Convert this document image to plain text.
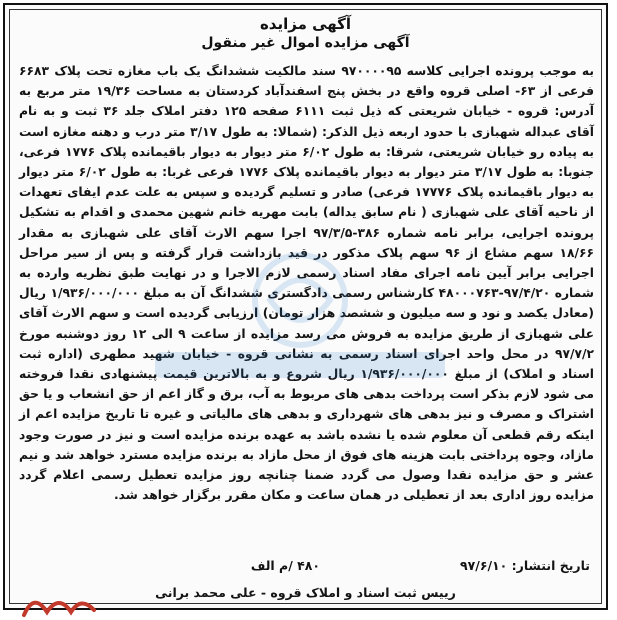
آگهی مزایده
آگهی مزایده اموال غیر منقول
به موجب پرونده اجرایی کلاسه ۹۷۰۰۰۰۹۵ سند مالکیت ششدانگ یک باب مغازه تحت پلاک ۶۶۸۳ فرعی از ۶۳- اصلی قروه واقع در بخش پنج اسفندآباد کردستان به مساحت ۱۹/۳۶ متر مربع به آدرس: قروه - خیابان شریعتی که ذیل ثبت ۶۱۱۱ صفحه ۱۲۵ دفتر املاک جلد ۳۶ ثبت و به نام آقای عبداله شهبازی با حدود اربعه ذیل الذکر: (شمالا: به طول ۳/۱۷ متر درب و دهنه مغازه است به پیاده رو خیابان شریعتی، شرقا: به طول ۶/۰۲ متر دیوار به دیوار باقیمانده پلاک ۱۷۷۶ فرعی، جنوبا: به طول ۳/۱۷ متر دیوار به دیوار باقیمانده پلاک ۱۷۷۶ فرعی غربا: به طول ۶/۰۲ متر دیوار به دیوار باقیمانده پلاک ۱۷۷۷۶ فرعی) صادر و تسلیم گردیده و سپس به علت عدم ایفای تعهدات از ناحیه آقای علی شهبازی ( نام سابق یداله) بابت مهریه خانم شهین محمدی و اقدام به تشکیل پرونده اجرایی، برابر نامه شماره ۳۸۶-۹۷/۳/۵ اجرا سهم الارث آقای علی شهبازی به مقدار ۱۸/۶۶ سهم مشاع از ۹۶ سهم پلاک مذکور در قید بازداشت قرار گرفته و پس از سیر مراحل اجرایی برابر آیین نامه اجرای مفاد اسناد رسمی لازم الاجرا و در نهایت طبق نظریه وارده به شماره ۹۷/۴/۲۰-۴۸۰۰۰۷۶۳ کارشناس رسمی دادگستری ششدانگ آن به مبلغ ۱/۹۳۶/۰۰۰/۰۰۰ ریال (معادل یکصد و نود و سه میلیون و ششصد هزار تومان) ارزیابی گردیده است و سهم الارث آقای علی شهبازی از طریق مزایده به فروش می رسد مزایده از ساعت ۹ الی ۱۲ روز دوشنبه مورخ ۹۷/۷/۲ در محل واحد اجرای اسناد رسمی به نشانی قروه - خیابان شهید مطهری (اداره ثبت اسناد و املاک) از مبلغ ۱/۹۳۶/۰۰۰/۰۰۰ ریال شروع و به بالاترین قیمت پیشنهادی نقدا فروخته می شود لازم بذکر است پرداخت بدهی های مربوط به آب، برق و گاز اعم از حق انشعاب و یا حق اشتراک و مصرف و نیز بدهی های شهرداری و بدهی های مالیاتی و غیره تا تاریخ مزایده اعم از اینکه رقم قطعی آن معلوم شده یا نشده باشد به عهده برنده مزایده است و نیز در صورت وجود مازاد، وجوه پرداختی بابت هزینه های فوق از محل مازاد به برنده مزایده مسترد خواهد شد و نیم عشر و حق مزایده نقدا وصول می گردد ضمنا چنانچه روز مزایده تعطیل رسمی اعلام گردد مزایده روز اداری بعد از تعطیلی در همان ساعت و مکان مقرر برگزار خواهد شد.
تاریخ انتشار: ۹۷/۶/۱۰
۴۸۰ /م الف
رییس ثبت اسناد و املاک قروه - علی محمد برانی
